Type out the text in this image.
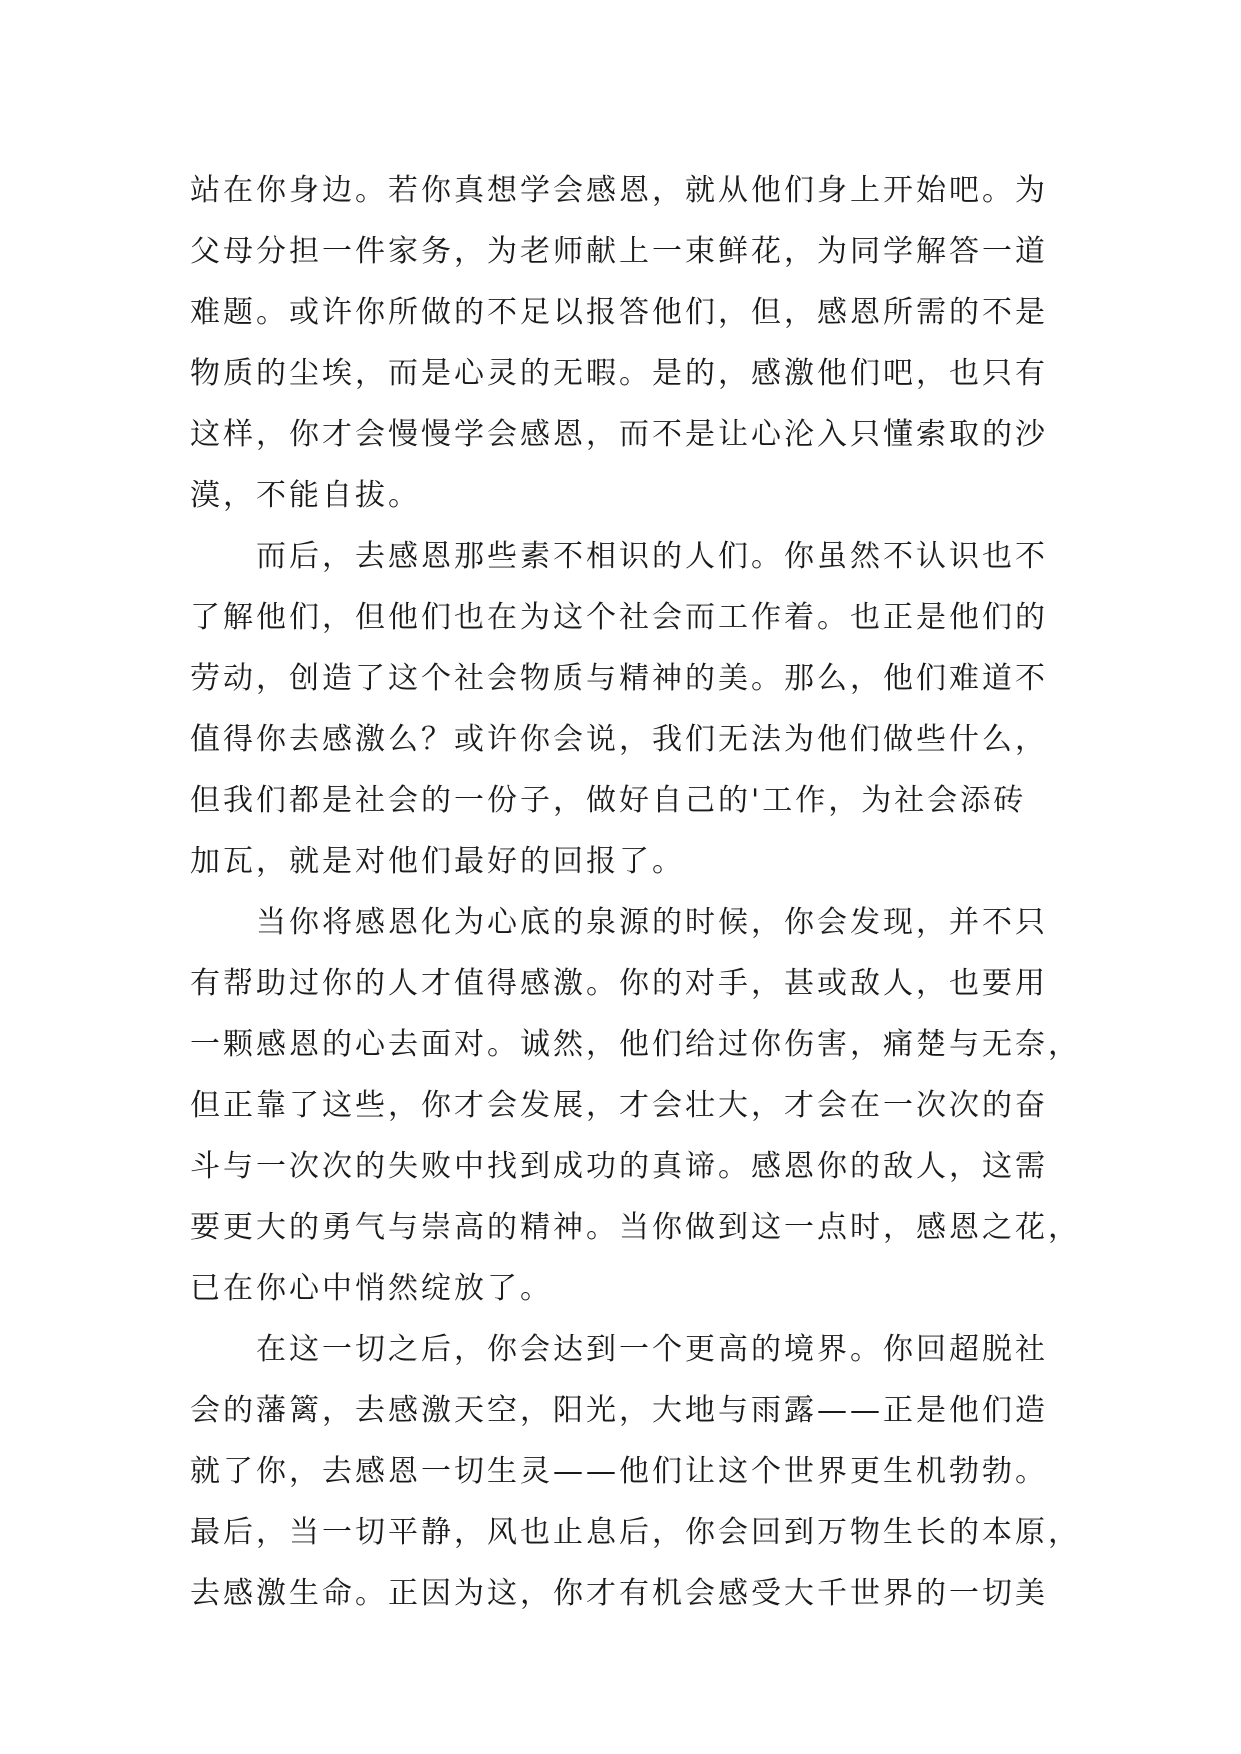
站在你身边。若你真想学会感恩，就从他们身上开始吧。为
父母分担一件家务，为老师献上一束鲜花，为同学解答一道
难题。或许你所做的不足以报答他们，但，感恩所需的不是
物质的尘埃，而是心灵的无暇。是的，感激他们吧，也只有
这样，你才会慢慢学会感恩，而不是让心沦入只懂索取的沙
漠，不能自拔。
而后，去感恩那些素不相识的人们。你虽然不认识也不
了解他们，但他们也在为这个社会而工作着。也正是他们的
劳动，创造了这个社会物质与精神的美。那么，他们难道不
值得你去感激么？或许你会说，我们无法为他们做些什么，
但我们都是社会的一份子，做好自己的'工作，为社会添砖
加瓦，就是对他们最好的回报了。
当你将感恩化为心底的泉源的时候，你会发现，并不只
有帮助过你的人才值得感激。你的对手，甚或敌人，也要用
一颗感恩的心去面对。诚然，他们给过你伤害，痛楚与无奈，
但正靠了这些，你才会发展，才会壮大，才会在一次次的奋
斗与一次次的失败中找到成功的真谛。感恩你的敌人，这需
要更大的勇气与崇高的精神。当你做到这一点时，感恩之花，
已在你心中悄然绽放了。
在这一切之后，你会达到一个更高的境界。你回超脱社
会的藩篱，去感激天空，阳光，大地与雨露——正是他们造
就了你，去感恩一切生灵——他们让这个世界更生机勃勃。
最后，当一切平静，风也止息后，你会回到万物生长的本原，
去感激生命。正因为这，你才有机会感受大千世界的一切美
